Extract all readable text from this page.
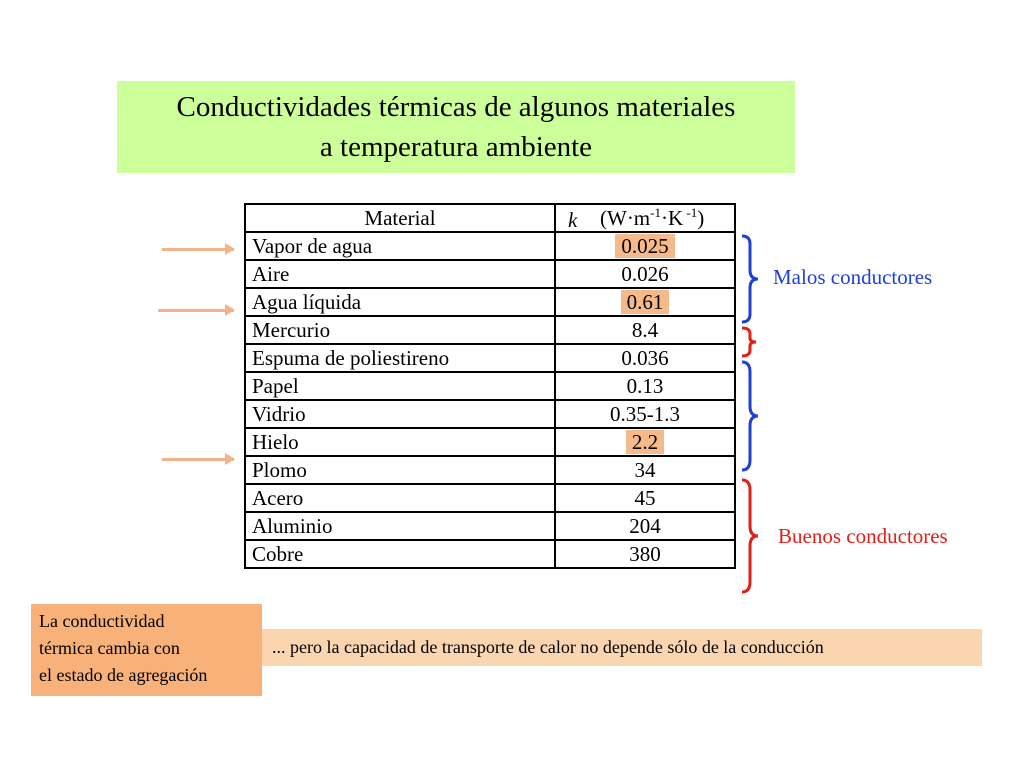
Conductividades térmicas de algunos materiales
a temperatura ambiente
Material	k ($W\cdot m^{-1}\cdot K$ $^{-1}$)

Vapor de agua	0.025
Aire	0.026
Agua líquida	0.61
Mercurio	8.4
Espuma de poliestireno	0.036
Papel	0.13
Vidrio	0.35-1.3
Hielo	2.2
Plomo	34
Acero	45
Aluminio	204
Cobre	380
Malos conductores
Buenos conductores
La conductividad
térmica cambia con
el estado de agregación
... pero la capacidad de transporte de calor no depende sólo de la conducción
